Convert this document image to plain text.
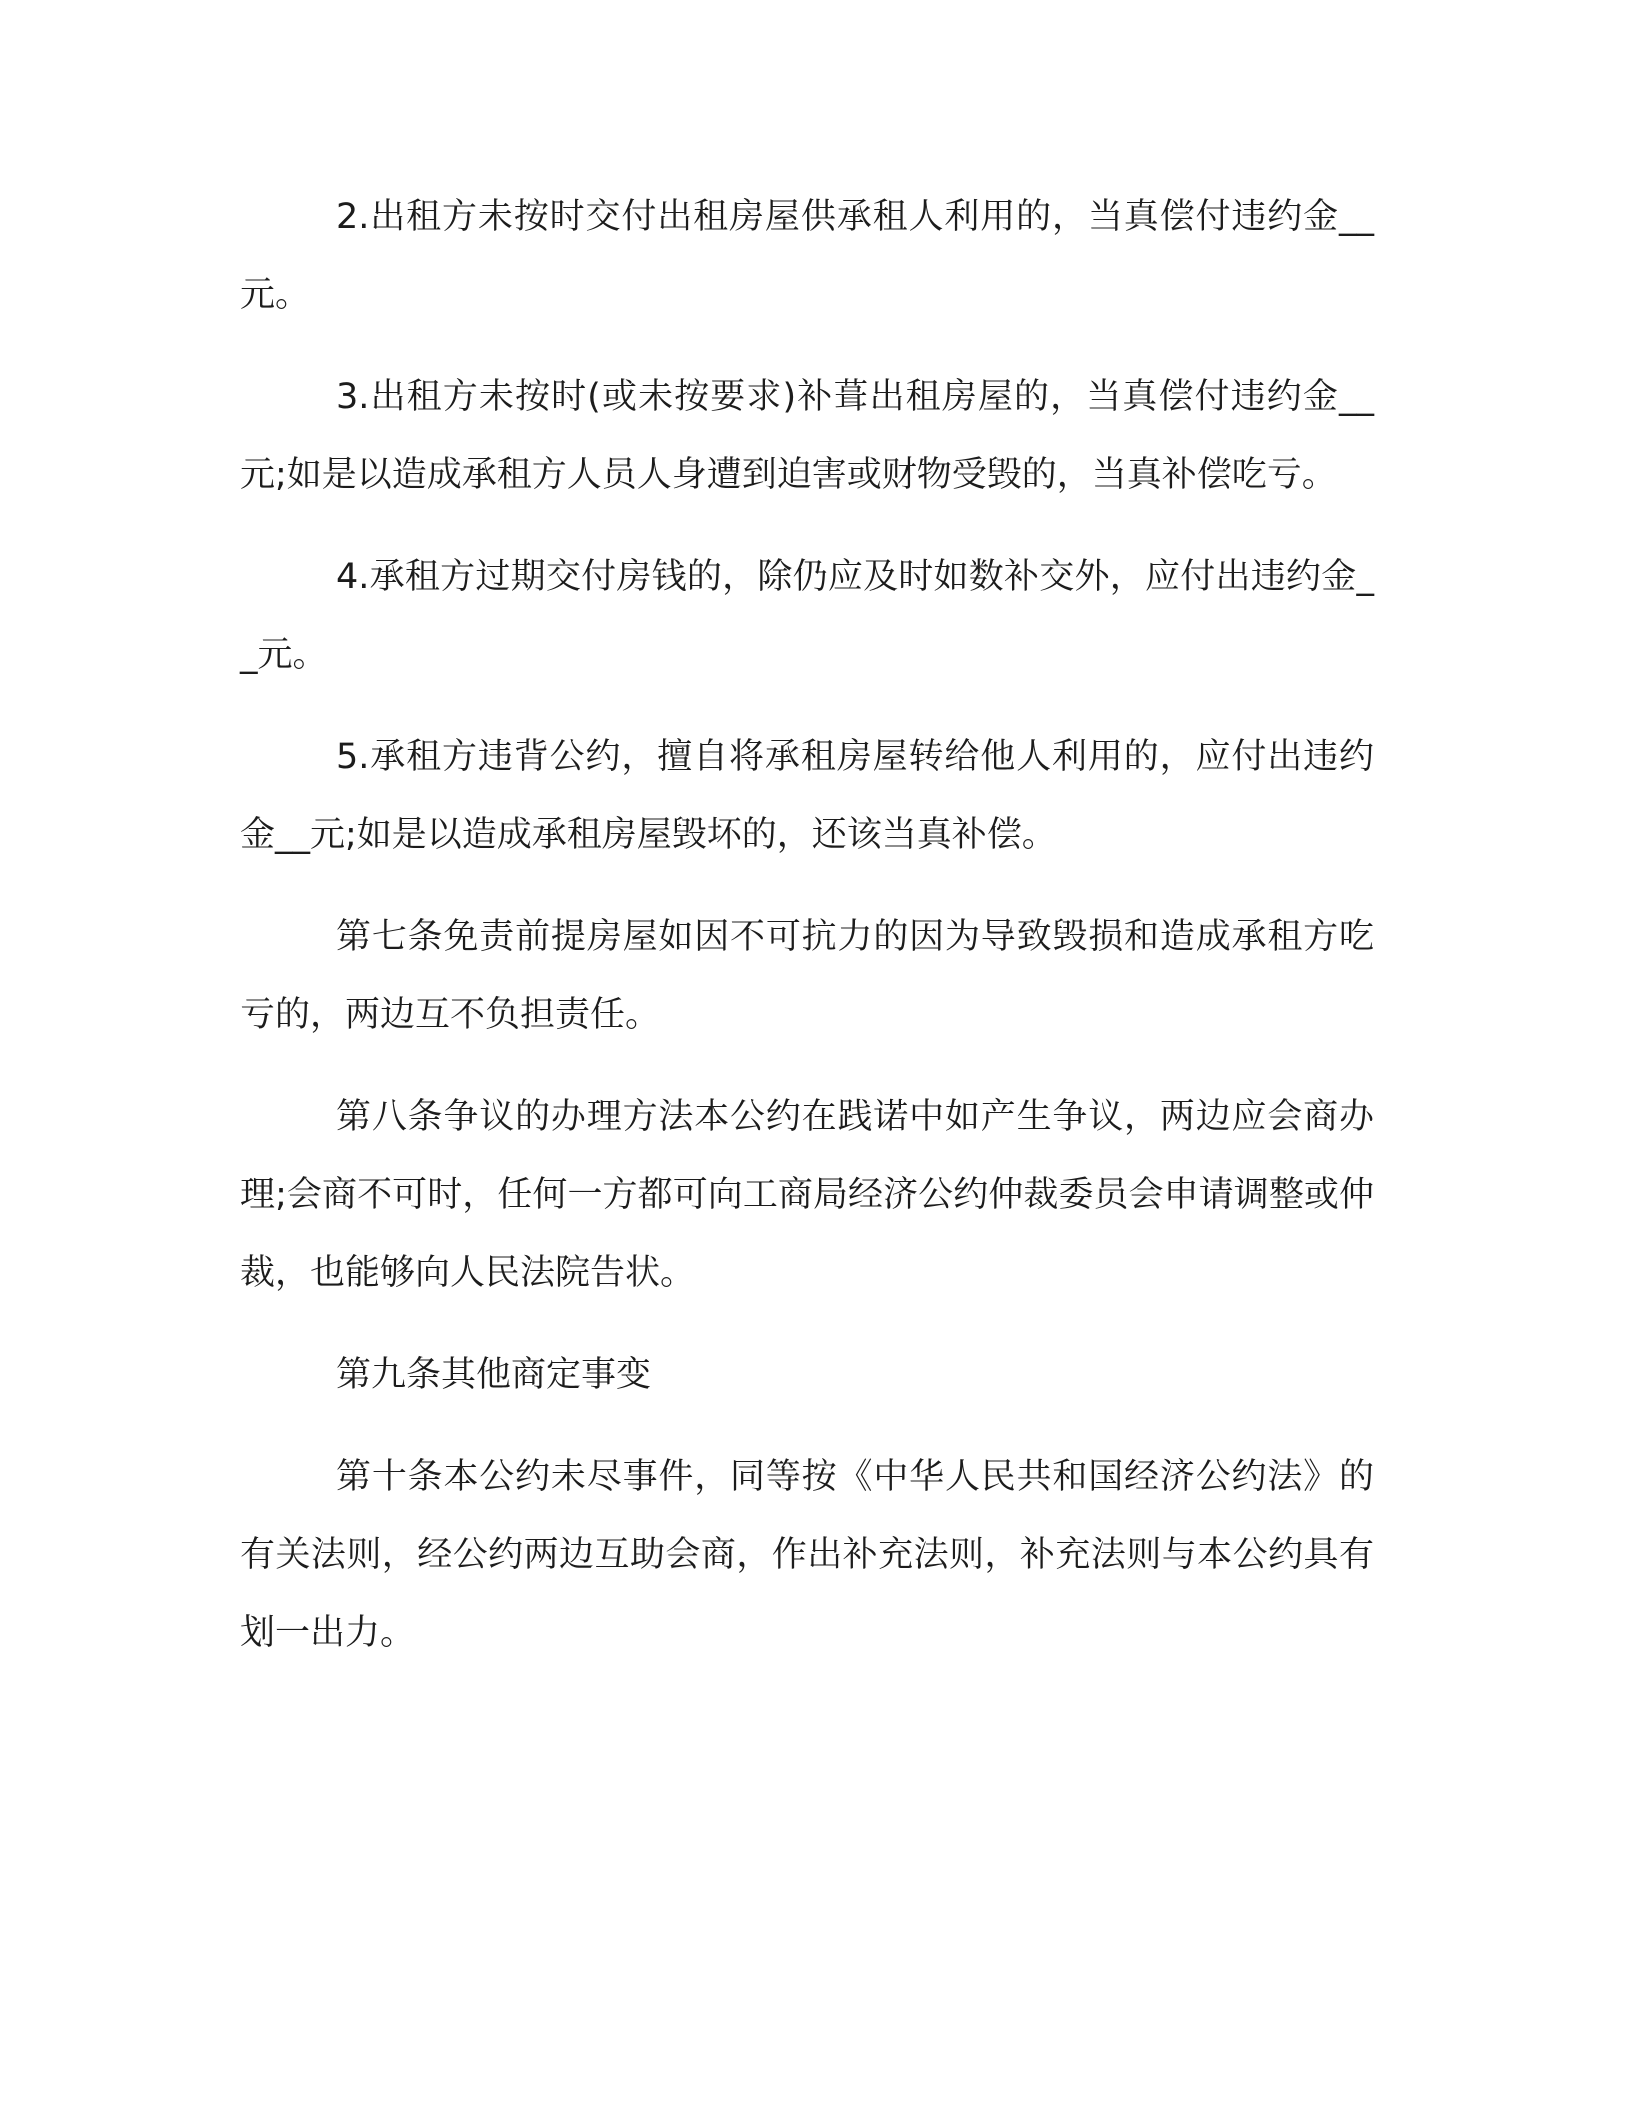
2.出租方未按时交付出租房屋供承租人利用的，当真偿付违约金__元。

3.出租方未按时(或未按要求)补葺出租房屋的，当真偿付违约金__元;如是以造成承租方人员人身遭到迫害或财物受毁的，当真补偿吃亏。

4.承租方过期交付房钱的，除仍应及时如数补交外，应付出违约金__元。

5.承租方违背公约，擅自将承租房屋转给他人利用的，应付出违约金__元;如是以造成承租房屋毁坏的，还该当真补偿。

第七条免责前提房屋如因不可抗力的因为导致毁损和造成承租方吃亏的，两边互不负担责任。

第八条争议的办理方法本公约在践诺中如产生争议，两边应会商办理;会商不可时，任何一方都可向工商局经济公约仲裁委员会申请调整或仲裁，也能够向人民法院告状。

第九条其他商定事变

第十条本公约未尽事件，同等按《中华人民共和国经济公约法》的有关法则，经公约两边互助会商，作出补充法则，补充法则与本公约具有划一出力。
